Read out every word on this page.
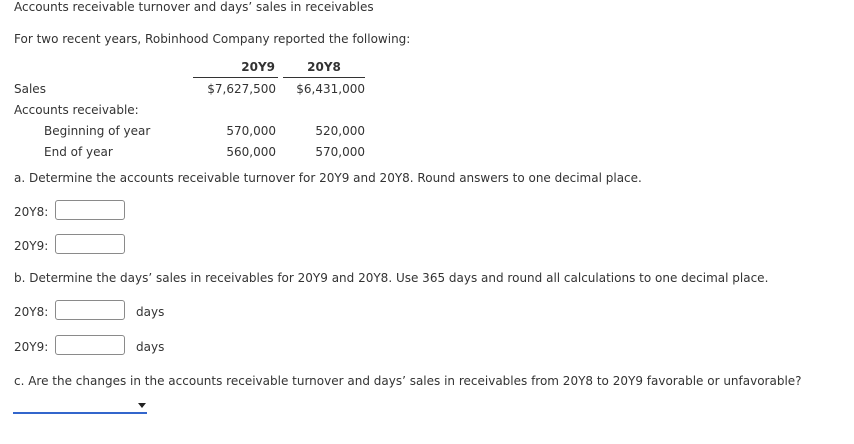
Accounts receivable turnover and days’ sales in receivables
For two recent years, Robinhood Company reported the following:
20Y9	20Y8
Sales	$7,627,500	$6,431,000
Accounts receivable:
Beginning of year	570,000	520,000
End of year	560,000	570,000
a. Determine the accounts receivable turnover for 20Y9 and 20Y8. Round answers to one decimal place.
20Y8:
20Y9:
b. Determine the days’ sales in receivables for 20Y9 and 20Y8. Use 365 days and round all calculations to one decimal place.
20Y8:	days
20Y9:	days
c. Are the changes in the accounts receivable turnover and days’ sales in receivables from 20Y8 to 20Y9 favorable or unfavorable?
